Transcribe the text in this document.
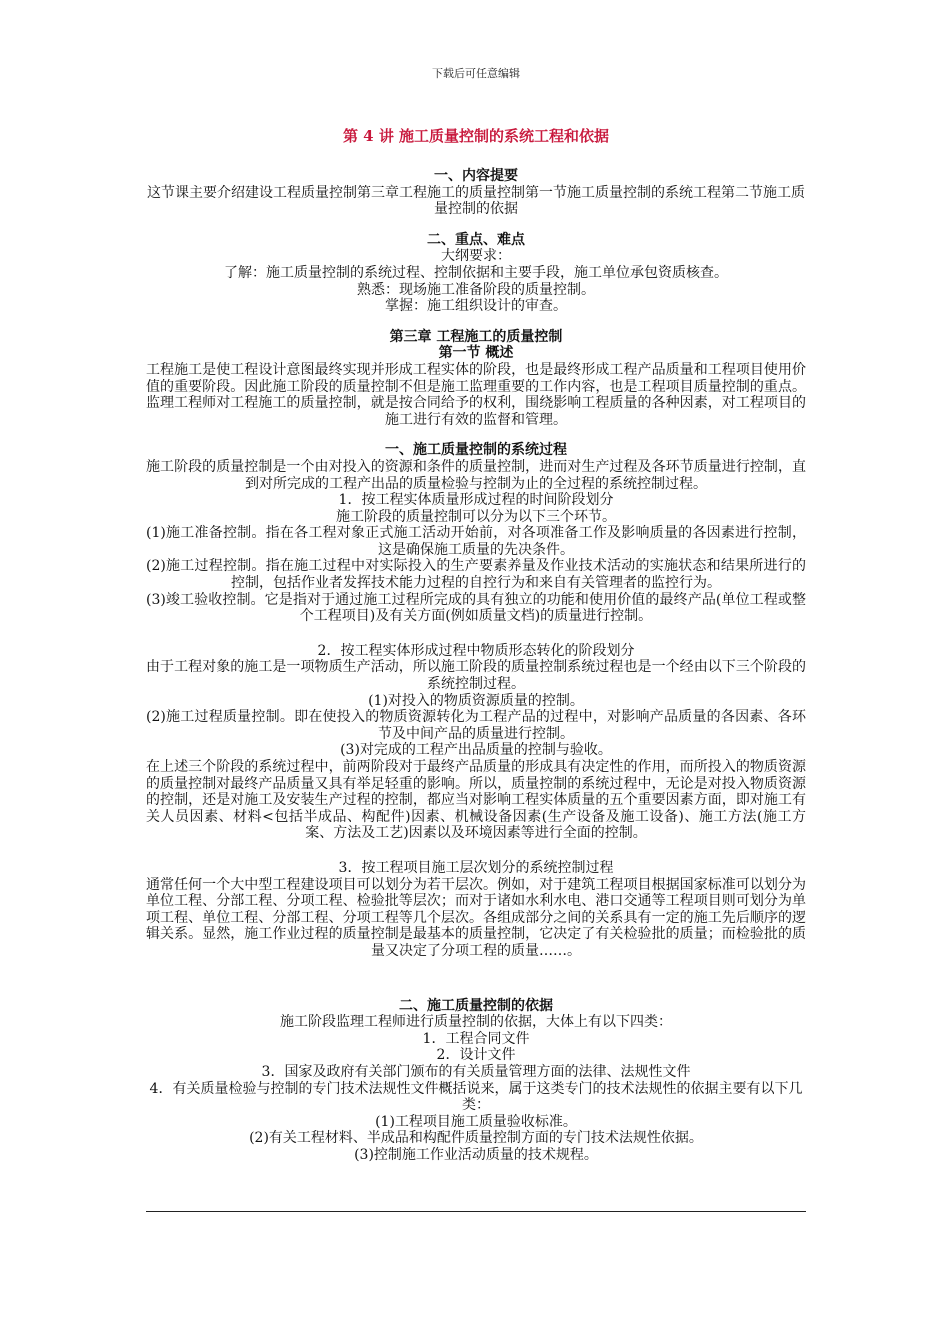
下载后可任意编辑
第 4 讲 施工质量控制的系统工程和依据

一、内容提要

这节课主要介绍建设工程质量控制第三章工程施工的质量控制第一节施工质量控制的系统工程第二节施工质量控制的依据

二、重点、难点

大纲要求：

了解：施工质量控制的系统过程、控制依据和主要手段，施工单位承包资质核查。

熟悉：现场施工准备阶段的质量控制。

掌握：施工组织设计的审查。

第三章 工程施工的质量控制

第一节 概述

工程施工是使工程设计意图最终实现并形成工程实体的阶段，也是最终形成工程产品质量和工程项目使用价值的重要阶段。因此施工阶段的质量控制不但是施工监理重要的工作内容，也是工程项目质量控制的重点。监理工程师对工程施工的质量控制，就是按合同给予的权利，围绕影响工程质量的各种因素，对工程项目的施工进行有效的监督和管理。

一、施工质量控制的系统过程

施工阶段的质量控制是一个由对投入的资源和条件的质量控制，进而对生产过程及各环节质量进行控制，直到对所完成的工程产出品的质量检验与控制为止的全过程的系统控制过程。

1．按工程实体质量形成过程的时间阶段划分

施工阶段的质量控制可以分为以下三个环节。

(1)施工准备控制。指在各工程对象正式施工活动开始前，对各项准备工作及影响质量的各因素进行控制，这是确保施工质量的先决条件。

(2)施工过程控制。指在施工过程中对实际投入的生产要素养量及作业技术活动的实施状态和结果所进行的控制，包括作业者发挥技术能力过程的自控行为和来自有关管理者的监控行为。

(3)竣工验收控制。它是指对于通过施工过程所完成的具有独立的功能和使用价值的最终产品(单位工程或整个工程项目)及有关方面(例如质量文档)的质量进行控制。

2．按工程实体形成过程中物质形态转化的阶段划分

由于工程对象的施工是一项物质生产活动，所以施工阶段的质量控制系统过程也是一个经由以下三个阶段的系统控制过程。

(1)对投入的物质资源质量的控制。

(2)施工过程质量控制。即在使投入的物质资源转化为工程产品的过程中，对影响产品质量的各因素、各环节及中间产品的质量进行控制。

(3)对完成的工程产出品质量的控制与验收。

在上述三个阶段的系统过程中，前两阶段对于最终产品质量的形成具有决定性的作用，而所投入的物质资源的质量控制对最终产品质量又具有举足轻重的影响。所以，质量控制的系统过程中，无论是对投入物质资源的控制，还是对施工及安装生产过程的控制，都应当对影响工程实体质量的五个重要因素方面，即对施工有关人员因素、材料<包括半成品、构配件)因素、机械设备因素(生产设备及施工设备)、施工方法(施工方案、方法及工艺)因素以及环境因素等进行全面的控制。

3．按工程项目施工层次划分的系统控制过程

通常任何一个大中型工程建设项目可以划分为若干层次。例如，对于建筑工程项目根据国家标准可以划分为单位工程、分部工程、分项工程、检验批等层次；而对于诸如水利水电、港口交通等工程项目则可划分为单项工程、单位工程、分部工程、分项工程等几个层次。各组成部分之间的关系具有一定的施工先后顺序的逻辑关系。显然，施工作业过程的质量控制是最基本的质量控制，它决定了有关检验批的质量；而检验批的质量又决定了分项工程的质量……。

二、施工质量控制的依据

施工阶段监理工程师进行质量控制的依据，大体上有以下四类：

1．工程合同文件

2．设计文件

3．国家及政府有关部门颁布的有关质量管理方面的法律、法规性文件

4．有关质量检验与控制的专门技术法规性文件概括说来，属于这类专门的技术法规性的依据主要有以下几类：

(1)工程项目施工质量验收标准。

(2)有关工程材料、半成品和构配件质量控制方面的专门技术法规性依据。

(3)控制施工作业活动质量的技术规程。
